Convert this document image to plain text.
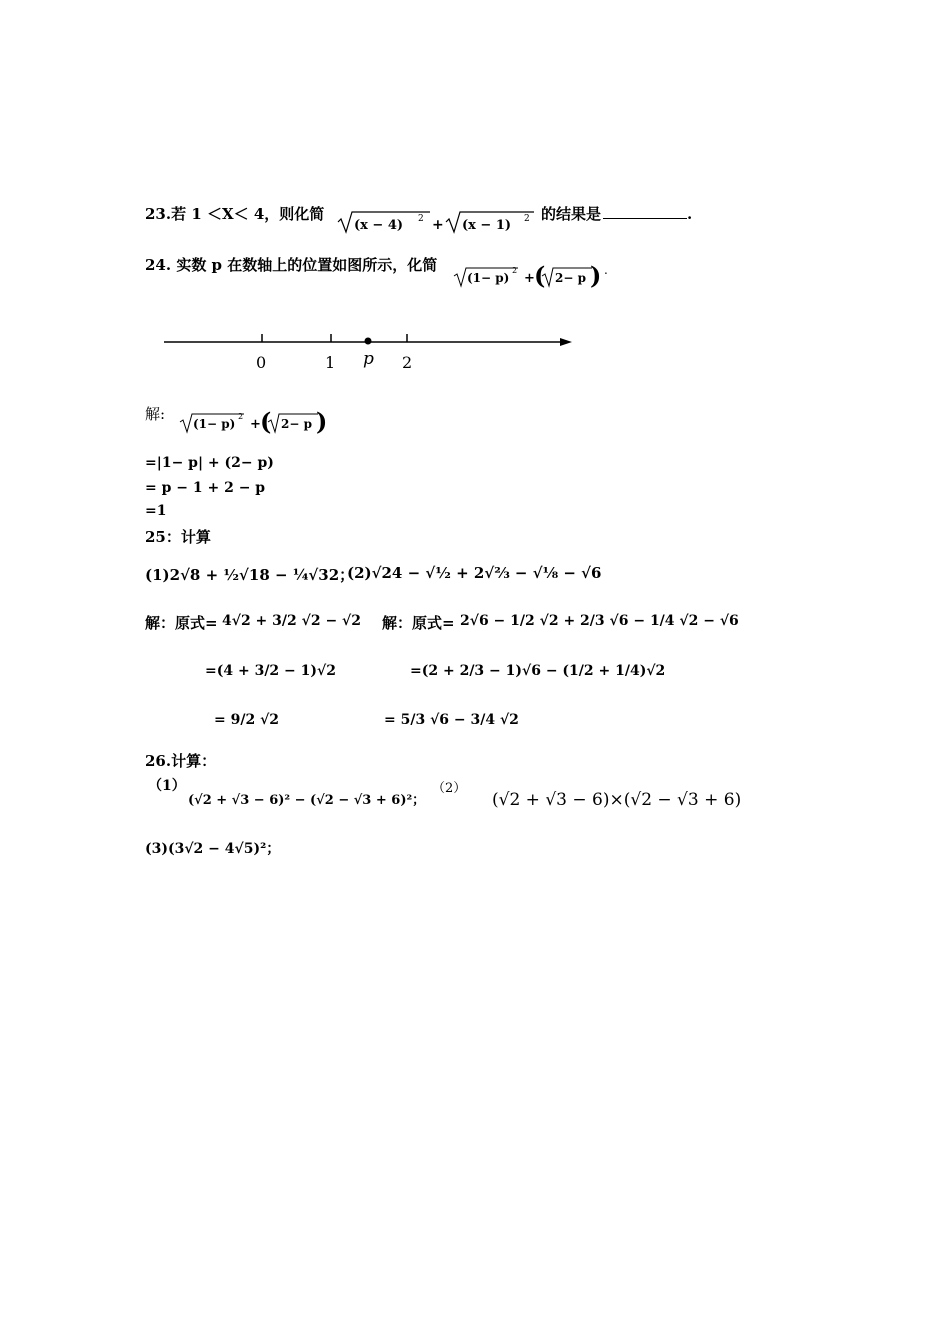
23.若 1 ＜X＜ 4，则化简
(x − 4) 2 + (x − 1) 2 的结果是	.
24. 实数 p 在数轴上的位置如图所示，化简
(1− p)
2
+ ( 2− p ) .
0	1	2
p
解:
(1− p)
2
+ ( 2− p )
=|1− p| + (2− p)
= p − 1 + 2 − p
=1
25：计算
(1)2√8 + ½√18 − ¼√32；
(2)√24 − √½ + 2√⅔ − √⅛ − √6
解：原式= 4√2 + 3/2 √2 − √2
=(4 + 3/2 − 1)√2
= 9/2 √2
解：原式= 2√6 − 1/2 √2 + 2/3 √6 − 1/4 √2 − √6
=(2 + 2/3 − 1)√6 − (1/2 + 1/4)√2
= 5/3 √6 − 3/4 √2
26.计算：
（1）
(√2 + √3 − 6)² − (√2 − √3 + 6)²；
（2）
(√2 + √3 − 6)×(√2 − √3 + 6)
(3)(3√2 − 4√5)²；
